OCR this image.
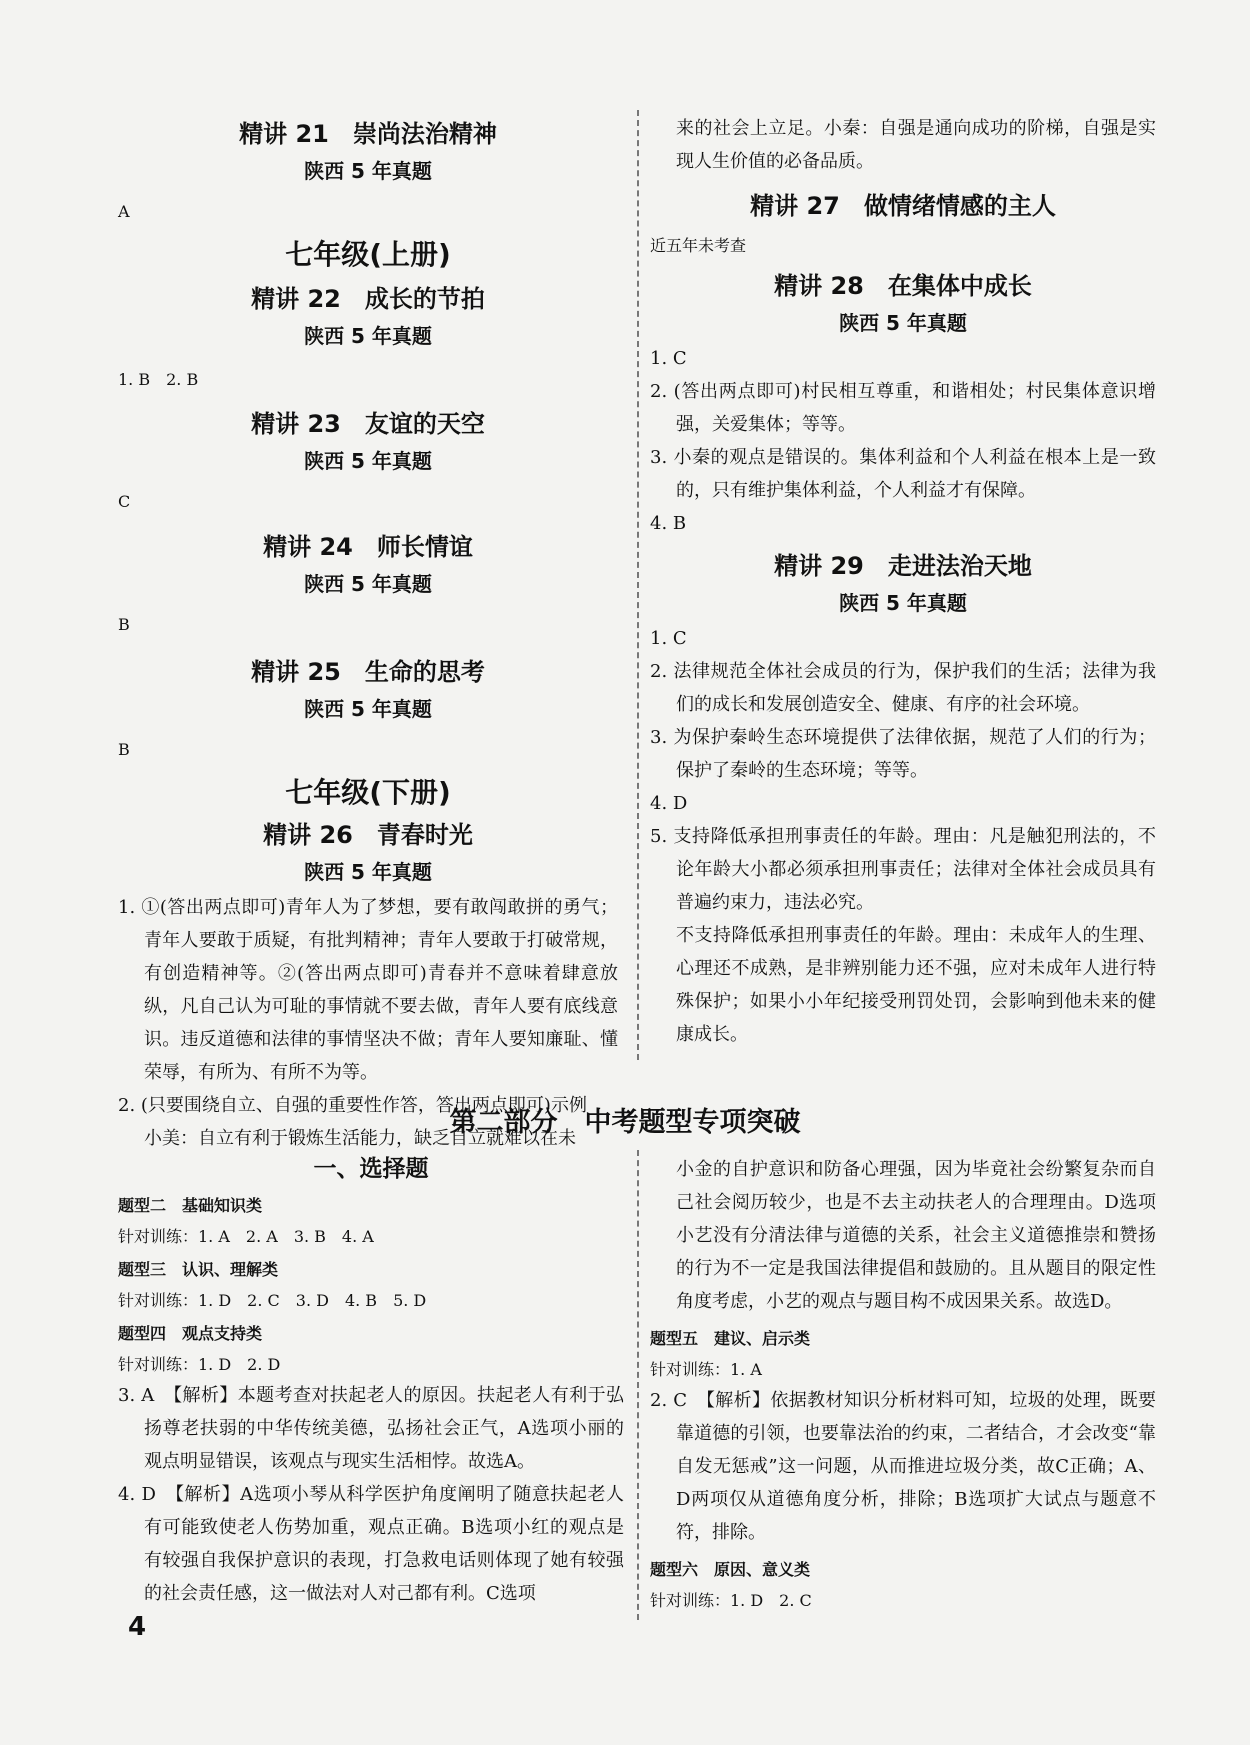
精讲 21　崇尚法治精神

陕西 5 年真题

A

七年级(上册)

精讲 22　成长的节拍

陕西 5 年真题

1. B　2. B

精讲 23　友谊的天空

陕西 5 年真题

C

精讲 24　师长情谊

陕西 5 年真题

B

精讲 25　生命的思考

陕西 5 年真题

B

七年级(下册)

精讲 26　青春时光

陕西 5 年真题

1. ①(答出两点即可)青年人为了梦想，要有敢闯敢拼的勇气；青年人要敢于质疑，有批判精神；青年人要敢于打破常规，有创造精神等。②(答出两点即可)青春并不意味着肆意放纵，凡自己认为可耻的事情就不要去做，青年人要有底线意识。违反道德和法律的事情坚决不做；青年人要知廉耻、懂荣辱，有所为、有所不为等。

2. (只要围绕自立、自强的重要性作答，答出两点即可)示例

小美：自立有利于锻炼生活能力，缺乏自立就难以在未

来的社会上立足。小秦：自强是通向成功的阶梯，自强是实现人生价值的必备品质。

精讲 27　做情绪情感的主人

近五年未考查

精讲 28　在集体中成长

陕西 5 年真题

1. C

2. (答出两点即可)村民相互尊重，和谐相处；村民集体意识增强，关爱集体；等等。

3. 小秦的观点是错误的。集体利益和个人利益在根本上是一致的，只有维护集体利益，个人利益才有保障。

4. B

精讲 29　走进法治天地

陕西 5 年真题

1. C

2. 法律规范全体社会成员的行为，保护我们的生活；法律为我们的成长和发展创造安全、健康、有序的社会环境。

3. 为保护秦岭生态环境提供了法律依据，规范了人们的行为；保护了秦岭的生态环境；等等。

4. D

5. 支持降低承担刑事责任的年龄。理由：凡是触犯刑法的，不论年龄大小都必须承担刑事责任；法律对全体社会成员具有普遍约束力，违法必究。

不支持降低承担刑事责任的年龄。理由：未成年人的生理、心理还不成熟，是非辨别能力还不强，应对未成年人进行特殊保护；如果小小年纪接受刑罚处罚，会影响到他未来的健康成长。

第二部分　中考题型专项突破

一、选择题

题型二　基础知识类

针对训练：1. A　2. A　3. B　4. A

题型三　认识、理解类

针对训练：1. D　2. C　3. D　4. B　5. D

题型四　观点支持类

针对训练：1. D　2. D

3. A　【解析】本题考查对扶起老人的原因。扶起老人有利于弘扬尊老扶弱的中华传统美德，弘扬社会正气，A选项小丽的观点明显错误，该观点与现实生活相悖。故选A。

4. D　【解析】A选项小琴从科学医护角度阐明了随意扶起老人有可能致使老人伤势加重，观点正确。B选项小红的观点是有较强自我保护意识的表现，打急救电话则体现了她有较强的社会责任感，这一做法对人对己都有利。C选项

小金的自护意识和防备心理强，因为毕竟社会纷繁复杂而自己社会阅历较少，也是不去主动扶老人的合理理由。D选项小艺没有分清法律与道德的关系，社会主义道德推崇和赞扬的行为不一定是我国法律提倡和鼓励的。且从题目的限定性角度考虑，小艺的观点与题目构不成因果关系。故选D。

题型五　建议、启示类

针对训练：1. A

2. C　【解析】依据教材知识分析材料可知，垃圾的处理，既要靠道德的引领，也要靠法治的约束，二者结合，才会改变“靠自发无惩戒”这一问题，从而推进垃圾分类，故C正确；A、D两项仅从道德角度分析，排除；B选项扩大试点与题意不符，排除。

题型六　原因、意义类

针对训练：1. D　2. C

4
